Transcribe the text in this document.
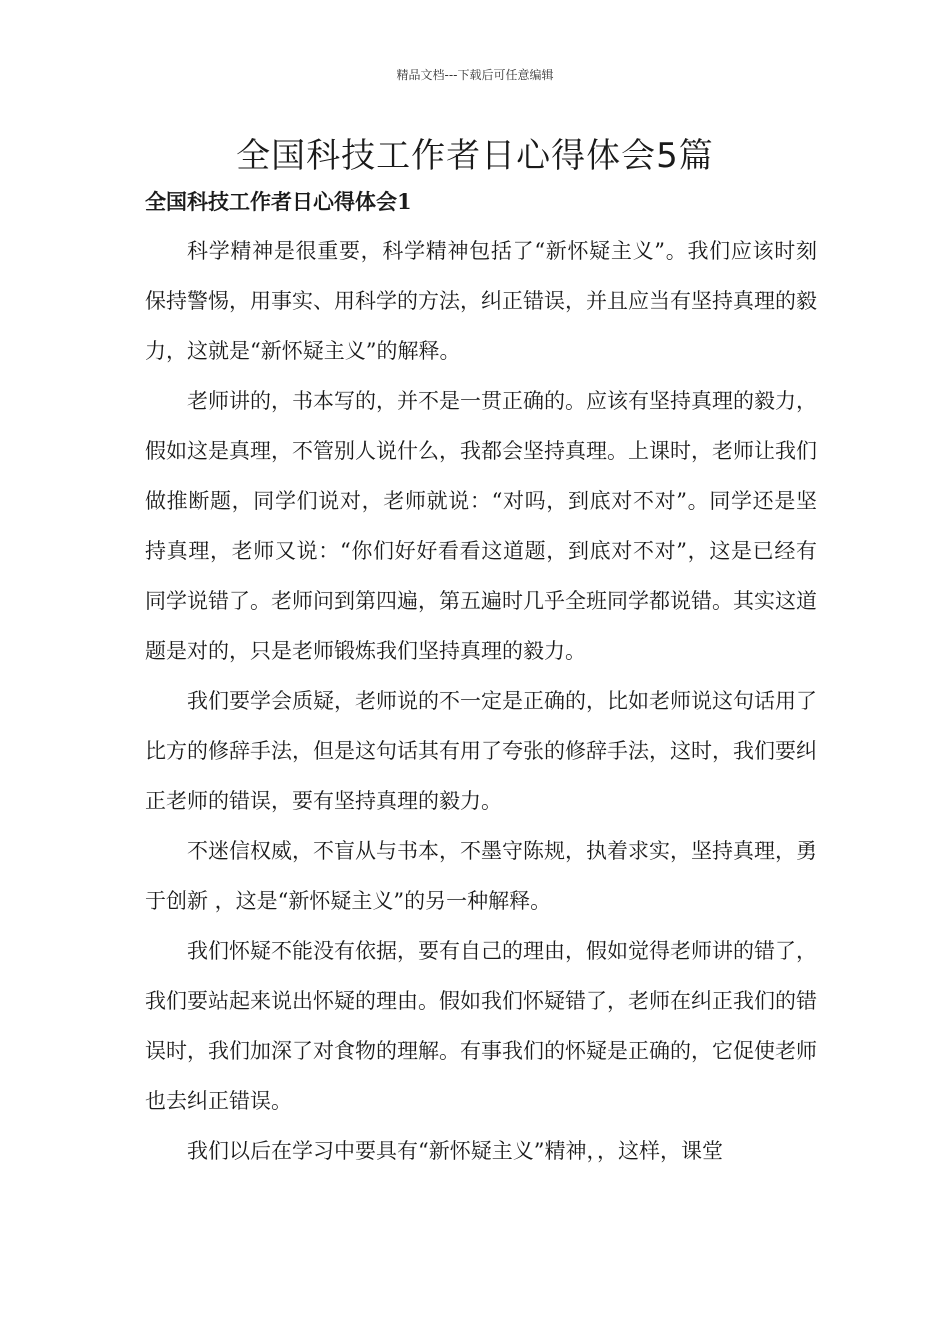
精品文档---下载后可任意编辑
全国科技工作者日心得体会5篇
全国科技工作者日心得体会1

科学精神是很重要，科学精神包括了“新怀疑主义”。我们应该时刻保持警惕，用事实、用科学的方法，纠正错误，并且应当有坚持真理的毅力，这就是“新怀疑主义”的解释。

老师讲的，书本写的，并不是一贯正确的。应该有坚持真理的毅力，假如这是真理，不管别人说什么，我都会坚持真理。上课时，老师让我们做推断题，同学们说对，老师就说：“对吗，到底对不对”。同学还是坚持真理，老师又说：“你们好好看看这道题，到底对不对”，这是已经有同学说错了。老师问到第四遍，第五遍时几乎全班同学都说错。其实这道题是对的，只是老师锻炼我们坚持真理的毅力。

我们要学会质疑，老师说的不一定是正确的，比如老师说这句话用了比方的修辞手法，但是这句话其有用了夸张的修辞手法，这时，我们要纠正老师的错误，要有坚持真理的毅力。

不迷信权威，不盲从与书本，不墨守陈规，执着求实，坚持真理，勇于创新 ，这是“新怀疑主义”的另一种解释。

我们怀疑不能没有依据，要有自己的理由，假如觉得老师讲的错了，我们要站起来说出怀疑的理由。假如我们怀疑错了，老师在纠正我们的错误时，我们加深了对食物的理解。有事我们的怀疑是正确的，它促使老师也去纠正错误。

我们以后在学习中要具有“新怀疑主义”精神，，这样，课堂
